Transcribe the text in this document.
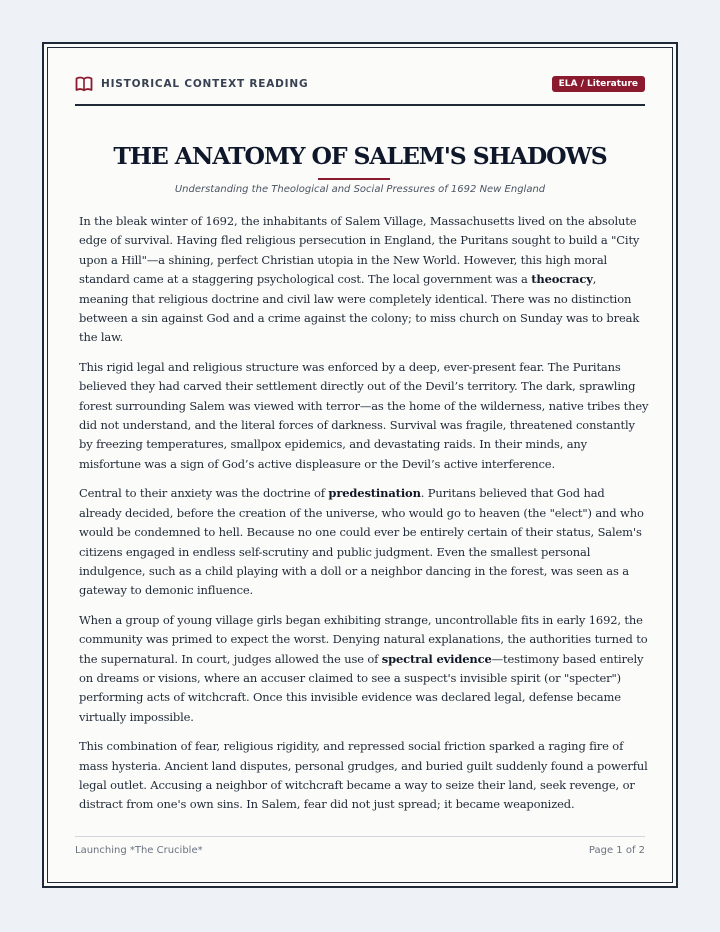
HISTORICAL CONTEXT READING	ELA / Literature
THE ANATOMY OF SALEM'S SHADOWS
Understanding the Theological and Social Pressures of 1692 New England

In the bleak winter of 1692, the inhabitants of Salem Village, Massachusetts lived on the absolute edge of survival. Having fled religious persecution in England, the Puritans sought to build a "City upon a Hill"—a shining, perfect Christian utopia in the New World. However, this high moral standard came at a staggering psychological cost. The local government was a theocracy, meaning that religious doctrine and civil law were completely identical. There was no distinction between a sin against God and a crime against the colony; to miss church on Sunday was to break the law.

This rigid legal and religious structure was enforced by a deep, ever-present fear. The Puritans believed they had carved their settlement directly out of the Devil’s territory. The dark, sprawling forest surrounding Salem was viewed with terror—as the home of the wilderness, native tribes they did not understand, and the literal forces of darkness. Survival was fragile, threatened constantly by freezing temperatures, smallpox epidemics, and devastating raids. In their minds, any misfortune was a sign of God’s active displeasure or the Devil’s active interference.

Central to their anxiety was the doctrine of predestination. Puritans believed that God had already decided, before the creation of the universe, who would go to heaven (the "elect") and who would be condemned to hell. Because no one could ever be entirely certain of their status, Salem's citizens engaged in endless self-scrutiny and public judgment. Even the smallest personal indulgence, such as a child playing with a doll or a neighbor dancing in the forest, was seen as a gateway to demonic influence.

When a group of young village girls began exhibiting strange, uncontrollable fits in early 1692, the community was primed to expect the worst. Denying natural explanations, the authorities turned to the supernatural. In court, judges allowed the use of spectral evidence—testimony based entirely on dreams or visions, where an accuser claimed to see a suspect's invisible spirit (or "specter") performing acts of witchcraft. Once this invisible evidence was declared legal, defense became virtually impossible.

This combination of fear, religious rigidity, and repressed social friction sparked a raging fire of mass hysteria. Ancient land disputes, personal grudges, and buried guilt suddenly found a powerful legal outlet. Accusing a neighbor of witchcraft became a way to seize their land, seek revenge, or distract from one's own sins. In Salem, fear did not just spread; it became weaponized.

Launching *The Crucible*	Page 1 of 2
